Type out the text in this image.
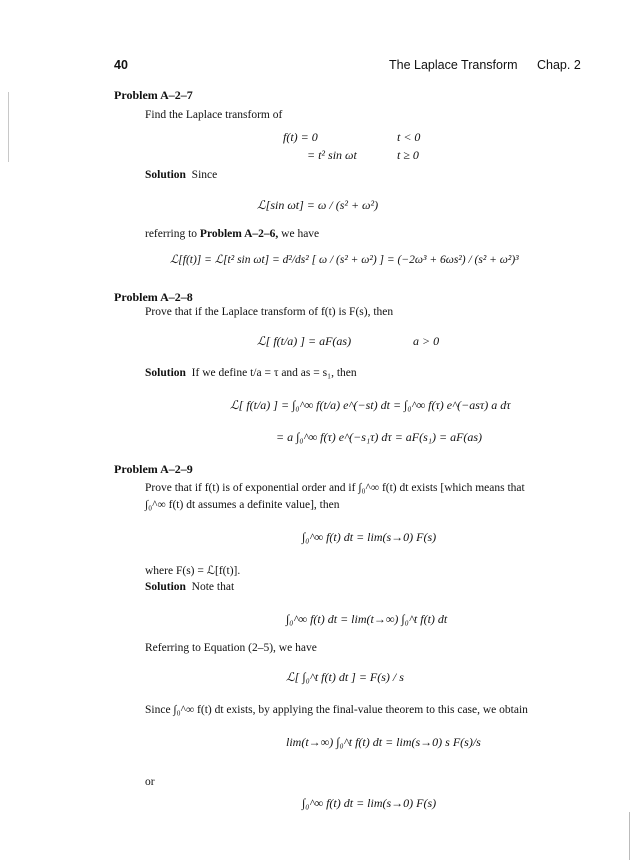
40	The Laplace Transform Chap. 2
Problem A–2–7
Find the Laplace transform of
f(t) = 0	t < 0
= t² sin ωt	t ≥ 0
Solution Since
ℒ[sin ωt] = ω / (s² + ω²)
referring to Problem A–2–6, we have
ℒ[f(t)] = ℒ[t² sin ωt] = d²/ds² [ ω / (s² + ω²) ] = (−2ω³ + 6ωs²) / (s² + ω²)³
Problem A–2–8
Prove that if the Laplace transform of f(t) is F(s), then
ℒ[ f(t/a) ] = aF(as)	a > 0
Solution If we define t/a = τ and as = s₁, then
ℒ[ f(t/a) ] = ∫₀^∞ f(t/a) e^(−st) dt = ∫₀^∞ f(τ) e^(−asτ) a dτ
= a ∫₀^∞ f(τ) e^(−s₁τ) dτ = aF(s₁) = aF(as)
Problem A–2–9
Prove that if f(t) is of exponential order and if ∫₀^∞ f(t) dt exists [which means that
∫₀^∞ f(t) dt assumes a definite value], then
∫₀^∞ f(t) dt = lim(s→0) F(s)
where F(s) = ℒ[f(t)].
Solution Note that
∫₀^∞ f(t) dt = lim(t→∞) ∫₀^t f(t) dt
Referring to Equation (2–5), we have
ℒ[ ∫₀^t f(t) dt ] = F(s) / s
Since ∫₀^∞ f(t) dt exists, by applying the final-value theorem to this case, we obtain
lim(t→∞) ∫₀^t f(t) dt = lim(s→0) s F(s)/s
or
∫₀^∞ f(t) dt = lim(s→0) F(s)
